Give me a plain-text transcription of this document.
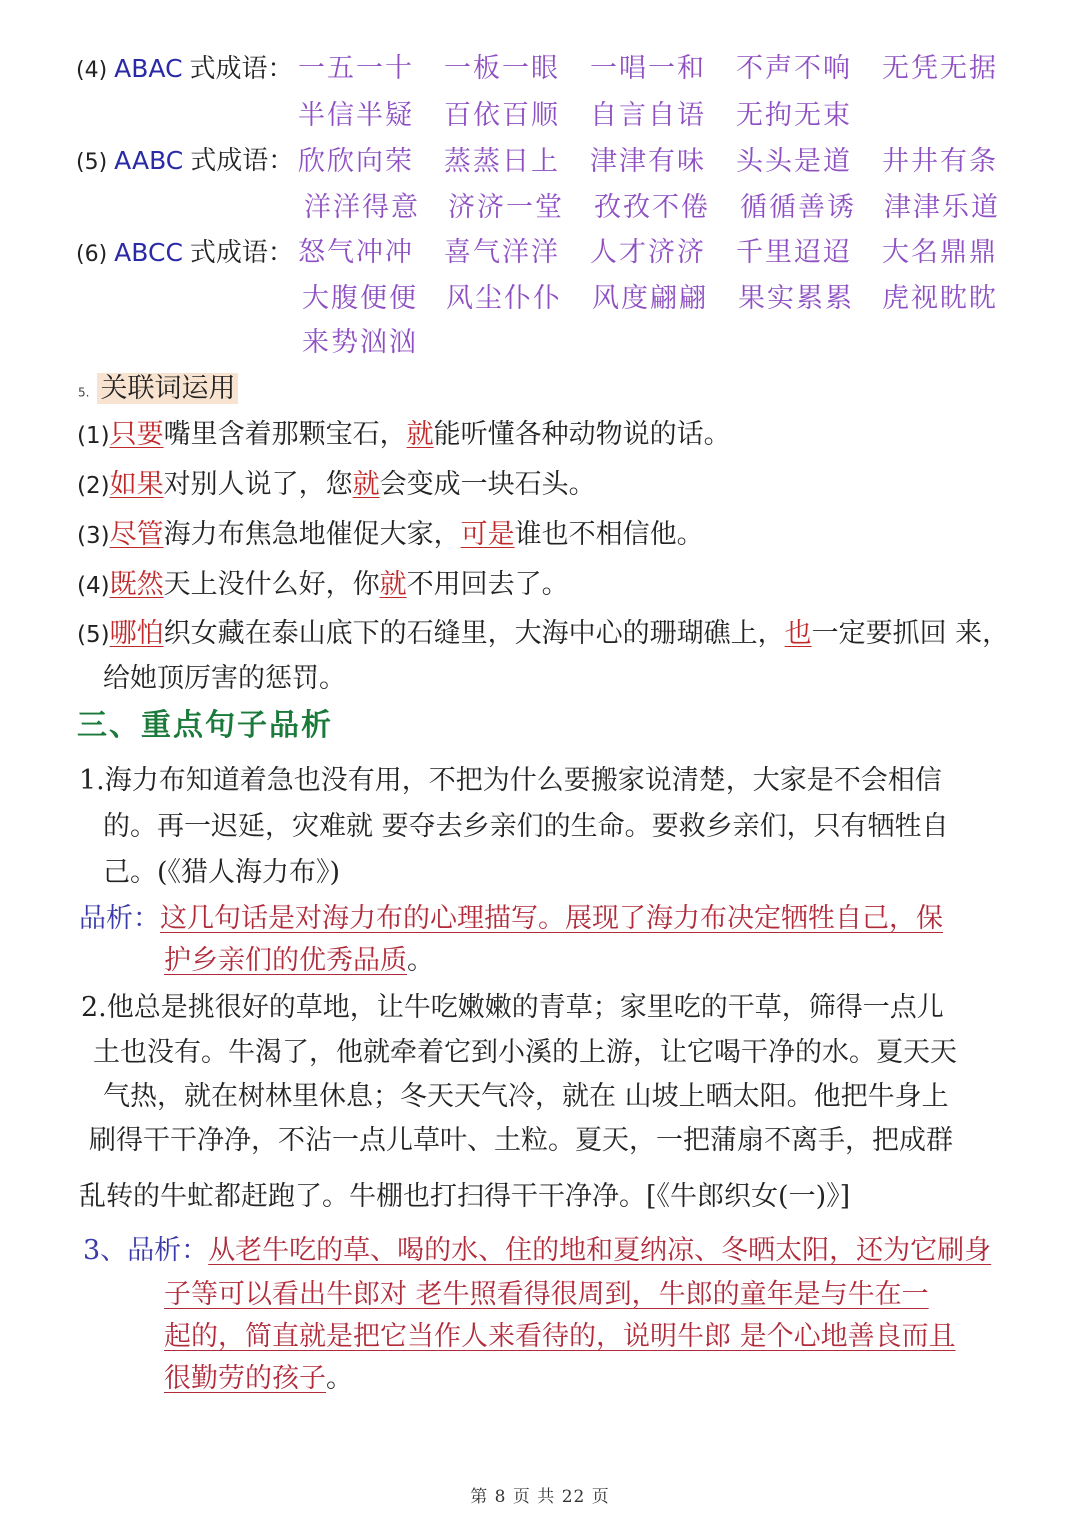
(4) ABAC 式成语： 一五一十 一板一眼 一唱一和 不声不响 无凭无据
半信半疑 百依百顺 自言自语 无拘无束
(5) AABC 式成语： 欣欣向荣 蒸蒸日上 津津有味 头头是道 井井有条
洋洋得意 济济一堂 孜孜不倦 循循善诱 津津乐道
(6) ABCC 式成语： 怒气冲冲 喜气洋洋 人才济济 千里迢迢 大名鼎鼎
大腹便便 风尘仆仆 风度翩翩 果实累累 虎视眈眈
来势汹汹
5. 关联词运用
(1)只要嘴里含着那颗宝石，就能听懂各种动物说的话。
(2)如果对别人说了，您就会变成一块石头。
(3)尽管海力布焦急地催促大家，可是谁也不相信他。
(4)既然天上没什么好，你就不用回去了。
(5)哪怕织女藏在泰山底下的石缝里，大海中心的珊瑚礁上，也一定要抓回 来，
给她顶厉害的惩罚。
三、重点句子品析
1.海力布知道着急也没有用，不把为什么要搬家说清楚，大家是不会相信
的。再一迟延，灾难就 要夺去乡亲们的生命。要救乡亲们，只有牺牲自
己。(《猎人海力布》)
品析：这几句话是对海力布的心理描写。展现了海力布决定牺牲自己，保
护乡亲们的优秀品质。
2.他总是挑很好的草地，让牛吃嫩嫩的青草；家里吃的干草，筛得一点儿
土也没有。牛渴了，他就牵着它到小溪的上游，让它喝干净的水。夏天天
气热，就在树林里休息；冬天天气冷，就在 山坡上晒太阳。他把牛身上
刷得干干净净，不沾一点儿草叶、土粒。夏天，一把蒲扇不离手，把成群
乱转的牛虻都赶跑了。牛棚也打扫得干干净净。[《牛郎织女(一)》]
3、品析：从老牛吃的草、喝的水、住的地和夏纳凉、冬晒太阳，还为它刷身
子等可以看出牛郎对 老牛照看得很周到，牛郎的童年是与牛在一
起的，简直就是把它当作人来看待的，说明牛郎 是个心地善良而且
很勤劳的孩子。
第 8 页 共 22 页
